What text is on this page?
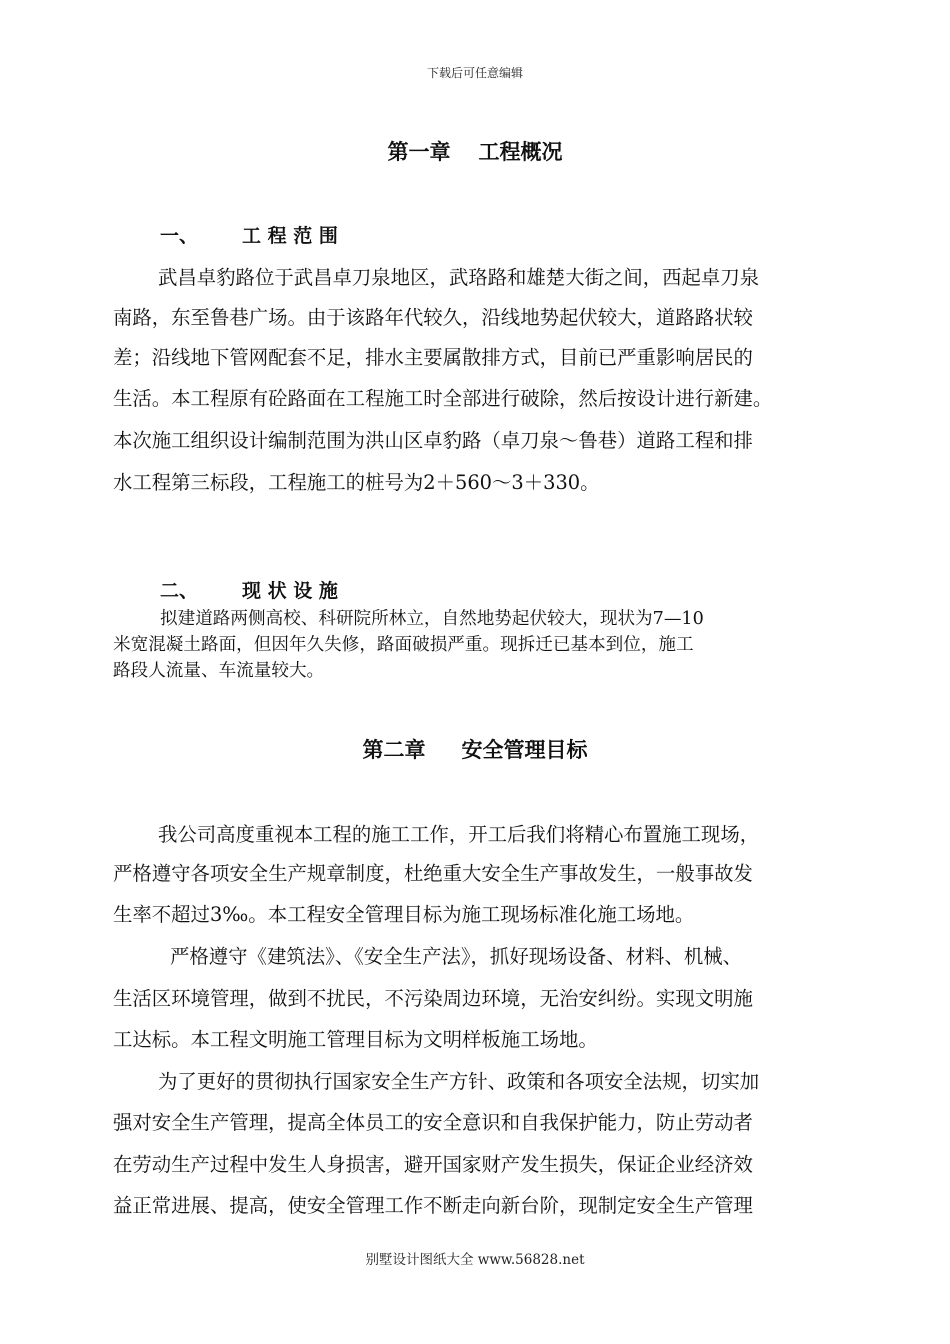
下载后可任意编辑
第一章 工程概况
一、 工 程 范 围
武昌卓豹路位于武昌卓刀泉地区，武珞路和雄楚大街之间，西起卓刀泉
南路，东至鲁巷广场。由于该路年代较久，沿线地势起伏较大，道路路状较
差；沿线地下管网配套不足，排水主要属散排方式，目前已严重影响居民的
生活。本工程原有砼路面在工程施工时全部进行破除，然后按设计进行新建。
本次施工组织设计编制范围为洪山区卓豹路（卓刀泉～鲁巷）道路工程和排
水工程第三标段，工程施工的桩号为2＋560～3＋330。
二、 现 状 设 施
拟建道路两侧高校、科研院所林立，自然地势起伏较大，现状为7—10
米宽混凝土路面，但因年久失修，路面破损严重。现拆迁已基本到位，施工
路段人流量、车流量较大。
第二章 安全管理目标
我公司高度重视本工程的施工工作，开工后我们将精心布置施工现场，
严格遵守各项安全生产规章制度，杜绝重大安全生产事故发生，一般事故发
生率不超过3‰。本工程安全管理目标为施工现场标准化施工场地。
严格遵守《建筑法》、《安全生产法》，抓好现场设备、材料、机械、
生活区环境管理，做到不扰民，不污染周边环境，无治安纠纷。实现文明施
工达标。本工程文明施工管理目标为文明样板施工场地。
为了更好的贯彻执行国家安全生产方针、政策和各项安全法规，切实加
强对安全生产管理，提高全体员工的安全意识和自我保护能力，防止劳动者
在劳动生产过程中发生人身损害，避开国家财产发生损失，保证企业经济效
益正常进展、提高，使安全管理工作不断走向新台阶，现制定安全生产管理
别墅设计图纸大全 www.56828.net
